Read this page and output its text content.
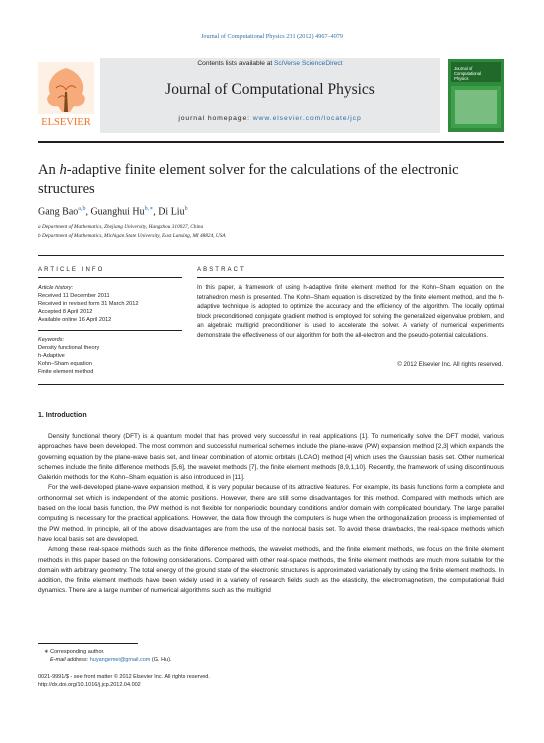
Journal of Computational Physics 231 (2012) 4967–4979
ELSEVIER
Contents lists available at SciVerse ScienceDirect
Journal of Computational Physics
journal homepage: www.elsevier.com/locate/jcp
Journal of
Computational
Physics
An h-adaptive finite element solver for the calculations of the electronic structures
Gang Bao$^{a,b}$, Guanghui $Hu^{b,∗}$, Di Liu$^b$
a Department of Mathematics, Zhejiang University, Hangzhou 310027, China
b Department of Mathematics, Michigan State University, East Lansing, MI 48824, USA
ARTICLE INFO	ABSTRACT
Article history:
Received 11 December 2011
Received in revised form 31 March 2012
Accepted 8 April 2012
Available online 16 April 2012
Keywords:
Density functional theory
h-Adaptive
Kohn–Sham equation
Finite element method
In this paper, a framework of using h-adaptive finite element method for the Kohn–Sham equation on the tetrahedron mesh is presented. The Kohn–Sham equation is discretized by the finite element method, and the h-adaptive technique is adopted to optimize the accuracy and the efficiency of the algorithm. The locally optimal block preconditioned conjugate gradient method is employed for solving the generalized eigenvalue problem, and an algebraic multigrid preconditioner is used to accelerate the solver. A variety of numerical experiments demonstrate the effectiveness of our algorithm for both the all-electron and the pseudo-potential calculations.
© 2012 Elsevier Inc. All rights reserved.
1. Introduction

Density functional theory (DFT) is a quantum model that has proved very successful in real applications [1]. To numerically solve the DFT model, various approaches have been developed. The most common and successful numerical schemes include the plane-wave (PW) expansion method [2,3] which expands the governing equation by the plane-wave basis set, and linear combination of atomic orbitals (LCAO) method [4] which uses the Gaussian basis set. Other numerical schemes include the finite difference methods [5,6], the wavelet methods [7], the finite element methods [8,9,1,10]. Recently, the framework of using discontinuous Galerkin methods for the Kohn–Sham equation is also introduced in [11].

For the well-developed plane-wave expansion method, it is very popular because of its attractive features. For example, its basis functions form a complete and orthonormal set which is independent of the atomic positions. However, there are still some disadvantages for this method. Compared with methods which are based on the local basis function, the PW method is not flexible for nonperiodic boundary conditions and/or domain with complicated boundary. The large parallel computing is necessary for the practical applications. However, the data flow through the computers is huge when the orthogonalization process is implemented of the PW method. In principle, all of the above disadvantages are from the use of the nonlocal basis set. To avoid these drawbacks, the real-space methods which have local basis set are developed.

Among these real-space methods such as the finite difference methods, the wavelet methods, and the finite element methods, we focus on the finite element methods in this paper based on the following considerations. Compared with other real-space methods, the finite element methods are much more suitable for the domain with arbitrary geometry. The total energy of the ground state of the electronic structures is approximated variationally by using the finite element methods. In addition, the finite element methods have been widely used in a variety of research fields such as the elasticity, the electromagnetism, the computational fluid dynamics. There are a large number of numerical algorithms such as the multigrid

∗ Corresponding author.
E-mail address: huyangemei@gmail.com (G. Hu).
0021-9991/$ - see front matter © 2012 Elsevier Inc. All rights reserved.
http://dx.doi.org/10.1016/j.jcp.2012.04.002
